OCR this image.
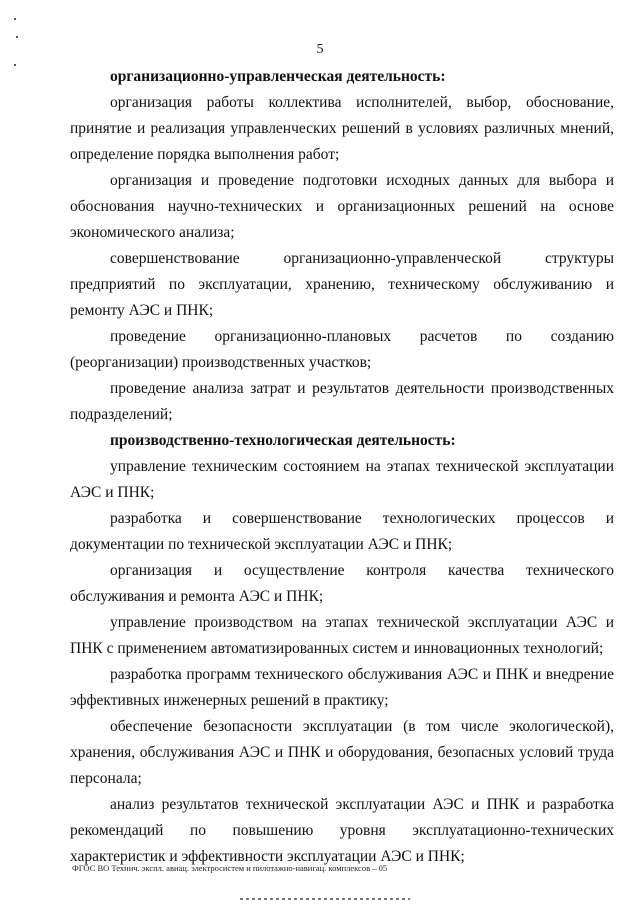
5

организационно-управленческая деятельность:

организация работы коллектива исполнителей, выбор, обоснование, принятие и реализация управленческих решений в условиях различных мнений, определение порядка выполнения работ;

организация и проведение подготовки исходных данных для выбора и обоснования научно-технических и организационных решений на основе экономического анализа;

совершенствование организационно-управленческой структуры предприятий по эксплуатации, хранению, техническому обслуживанию и ремонту АЭС и ПНК;

проведение организационно-плановых расчетов по созданию (реорганизации) производственных участков;

проведение анализа затрат и результатов деятельности производственных подразделений;

производственно-технологическая деятельность:

управление техническим состоянием на этапах технической эксплуатации АЭС и ПНК;

разработка и совершенствование технологических процессов и документации по технической эксплуатации АЭС и ПНК;

организация и осуществление контроля качества технического обслуживания и ремонта АЭС и ПНК;

управление производством на этапах технической эксплуатации АЭС и ПНК с применением автоматизированных систем и инновационных технологий;

разработка программ технического обслуживания АЭС и ПНК и внедрение эффективных инженерных решений в практику;

обеспечение безопасности эксплуатации (в том числе экологической), хранения, обслуживания АЭС и ПНК и оборудования, безопасных условий труда персонала;

анализ результатов технической эксплуатации АЭС и ПНК и разработка рекомендаций по повышению уровня эксплуатационно-технических характеристик и эффективности эксплуатации АЭС и ПНК;

ФГОС ВО Технич. экспл. авиац. электросистем и пилотажно-навигац. комплексов – 05
